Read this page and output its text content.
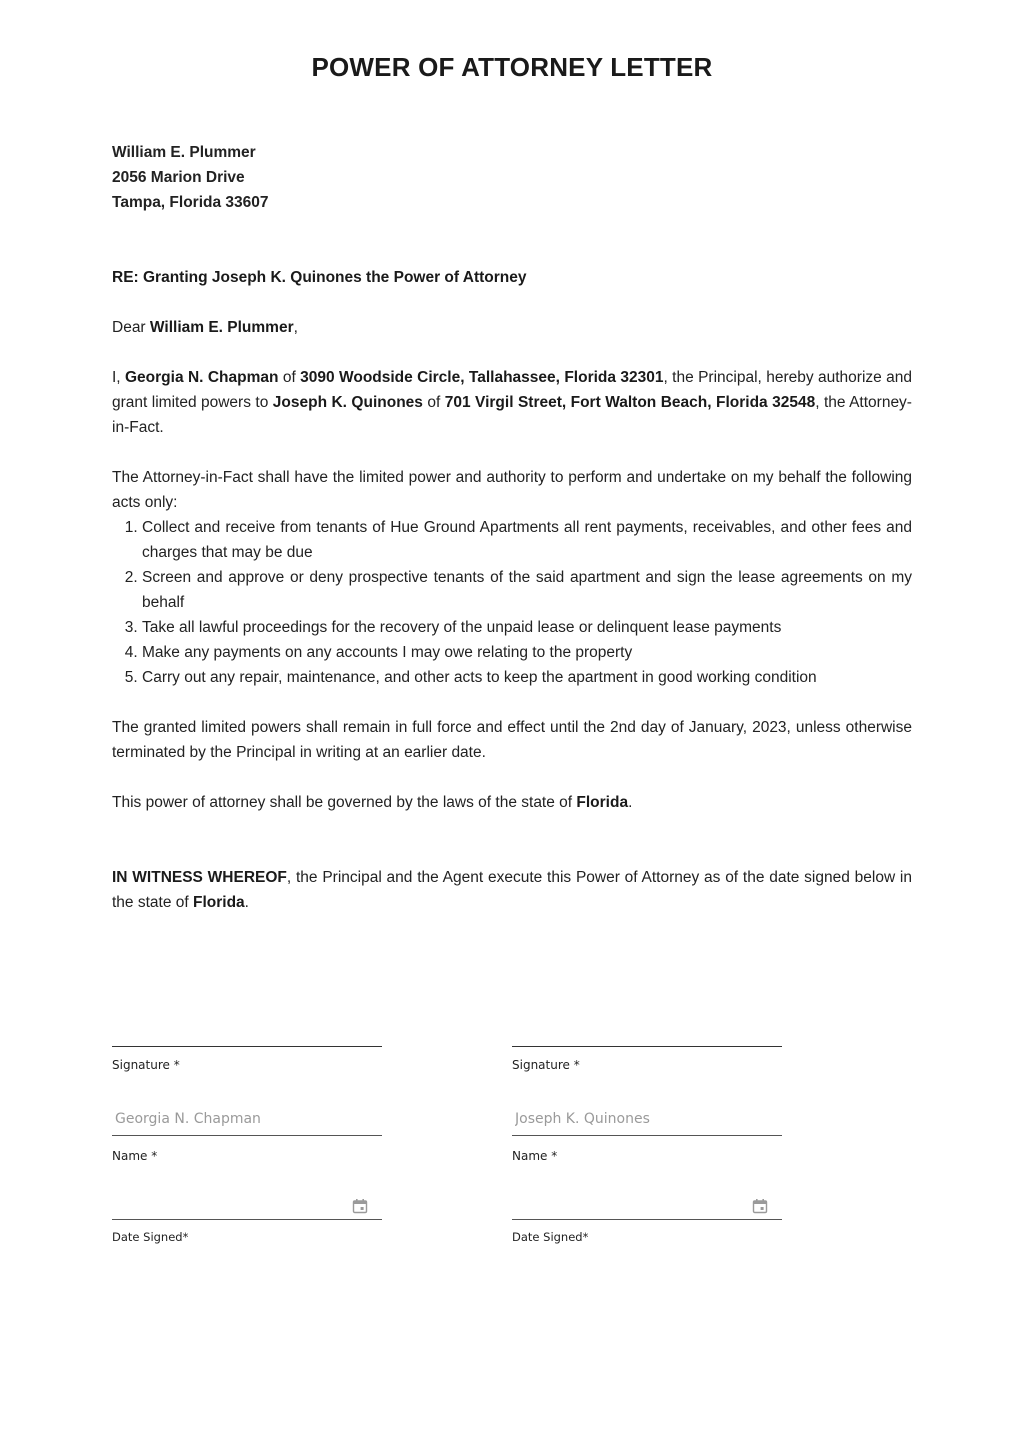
POWER OF ATTORNEY LETTER
William E. Plummer
2056 Marion Drive
Tampa, Florida 33607

RE: Granting Joseph K. Quinones the Power of Attorney

Dear William E. Plummer,

I, Georgia N. Chapman of 3090 Woodside Circle, Tallahassee, Florida 32301, the Principal, hereby authorize and grant limited powers to Joseph K. Quinones of 701 Virgil Street, Fort Walton Beach, Florida 32548, the Attorney-in-Fact.

The Attorney-in-Fact shall have the limited power and authority to perform and undertake on my behalf the following acts only:

1. Collect and receive from tenants of Hue Ground Apartments all rent payments, receivables, and other fees and charges that may be due
2. Screen and approve or deny prospective tenants of the said apartment and sign the lease agreements on my behalf
3. Take all lawful proceedings for the recovery of the unpaid lease or delinquent lease payments
4. Make any payments on any accounts I may owe relating to the property
5. Carry out any repair, maintenance, and other acts to keep the apartment in good working condition

The granted limited powers shall remain in full force and effect until the 2nd day of January, 2023, unless otherwise terminated by the Principal in writing at an earlier date.

This power of attorney shall be governed by the laws of the state of Florida.

IN WITNESS WHEREOF, the Principal and the Agent execute this Power of Attorney as of the date signed below in the state of Florida.

Signature *
Georgia N. Chapman
Name *
Date Signed*
Signature *
Joseph K. Quinones
Name *
Date Signed*
